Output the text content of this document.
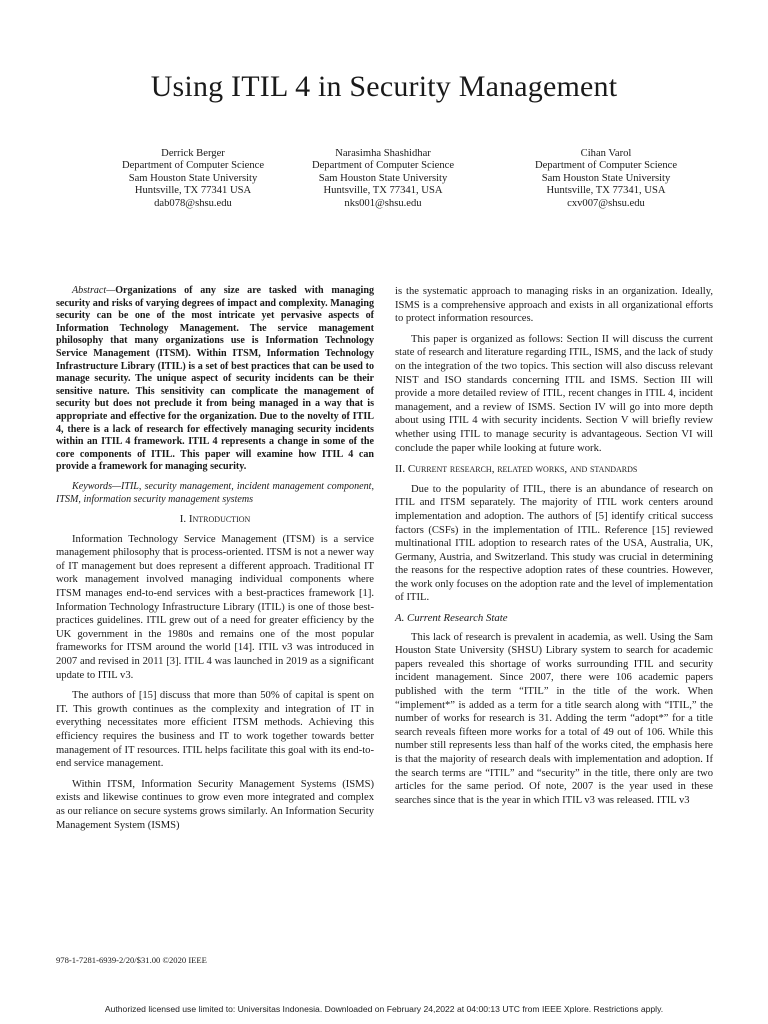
Using ITIL 4 in Security Management
Derrick Berger
Department of Computer Science
Sam Houston State University
Huntsville, TX 77341 USA
dab078@shsu.edu
Narasimha Shashidhar
Department of Computer Science
Sam Houston State University
Huntsville, TX 77341, USA
nks001@shsu.edu
Cihan Varol
Department of Computer Science
Sam Houston State University
Huntsville, TX 77341, USA
cxv007@shsu.edu

Abstract—Organizations of any size are tasked with managing security and risks of varying degrees of impact and complexity. Managing security can be one of the most intricate yet pervasive aspects of Information Technology Management. The service management philosophy that many organizations use is Information Technology Service Management (ITSM). Within ITSM, Information Technology Infrastructure Library (ITIL) is a set of best practices that can be used to manage security. The unique aspect of security incidents can be their sensitive nature. This sensitivity can complicate the management of security but does not preclude it from being managed in a way that is appropriate and effective for the organization. Due to the novelty of ITIL 4, there is a lack of research for effectively managing security incidents within an ITIL 4 framework. ITIL 4 represents a change in some of the core components of ITIL. This paper will examine how ITIL 4 can provide a framework for managing security.

Keywords—ITIL, security management, incident management component, ITSM, information security management systems

I. Introduction

Information Technology Service Management (ITSM) is a service management philosophy that is process-oriented. ITSM is not a newer way of IT management but does represent a different approach. Traditional IT work management involved managing individual components where ITSM manages end-to-end services with a best-practices framework [1]. Information Technology Infrastructure Library (ITIL) is one of those best-practices guidelines. ITIL grew out of a need for greater efficiency by the UK government in the 1980s and remains one of the most popular frameworks for ITSM around the world [14]. ITIL v3 was introduced in 2007 and revised in 2011 [3]. ITIL 4 was launched in 2019 as a significant update to ITIL v3.

The authors of [15] discuss that more than 50% of capital is spent on IT. This growth continues as the complexity and integration of IT in everything necessitates more efficient ITSM methods. Achieving this efficiency requires the business and IT to work together towards better management of IT resources. ITIL helps facilitate this goal with its end-to-end service management.

Within ITSM, Information Security Management Systems (ISMS) exists and likewise continues to grow even more integrated and complex as our reliance on secure systems grows similarly. An Information Security Management System (ISMS)

is the systematic approach to managing risks in an organization. Ideally, ISMS is a comprehensive approach and exists in all organizational efforts to protect information resources.

This paper is organized as follows: Section II will discuss the current state of research and literature regarding ITIL, ISMS, and the lack of study on the integration of the two topics. This section will also discuss relevant NIST and ISO standards concerning ITIL and ISMS. Section III will provide a more detailed review of ITIL, recent changes in ITIL 4, incident management, and a review of ISMS. Section IV will go into more depth about using ITIL 4 with security incidents. Section V will briefly review whether using ITIL to manage security is advantageous. Section VI will conclude the paper while looking at future work.

II. Current research, related works, and standards

Due to the popularity of ITIL, there is an abundance of research on ITIL and ITSM separately. The majority of ITIL work centers around implementation and adoption. The authors of [5] identify critical success factors (CSFs) in the implementation of ITIL. Reference [15] reviewed multinational ITIL adoption to research rates of the USA, Australia, UK, Germany, Austria, and Switzerland. This study was crucial in determining the reasons for the respective adoption rates of these countries. However, the work only focuses on the adoption rate and the level of implementation of ITIL.

A. Current Research State

This lack of research is prevalent in academia, as well. Using the Sam Houston State University (SHSU) Library system to search for academic papers revealed this shortage of works surrounding ITIL and security incident management. Since 2007, there were 106 academic papers published with the term “ITIL” in the title of the work. When “implement*” is added as a term for a title search along with “ITIL,” the number of works for research is 31. Adding the term “adopt*” for a title search reveals fifteen more works for a total of 49 out of 106. While this number still represents less than half of the works cited, the emphasis here is that the majority of research deals with implementation and adoption. If the search terms are “ITIL” and “security” in the title, there only are two articles for the same period. Of note, 2007 is the year used in these searches since that is the year in which ITIL v3 was released. ITIL v3

978-1-7281-6939-2/20/$31.00 ©2020 IEEE
Authorized licensed use limited to: Universitas Indonesia. Downloaded on February 24,2022 at 04:00:13 UTC from IEEE Xplore. Restrictions apply.
